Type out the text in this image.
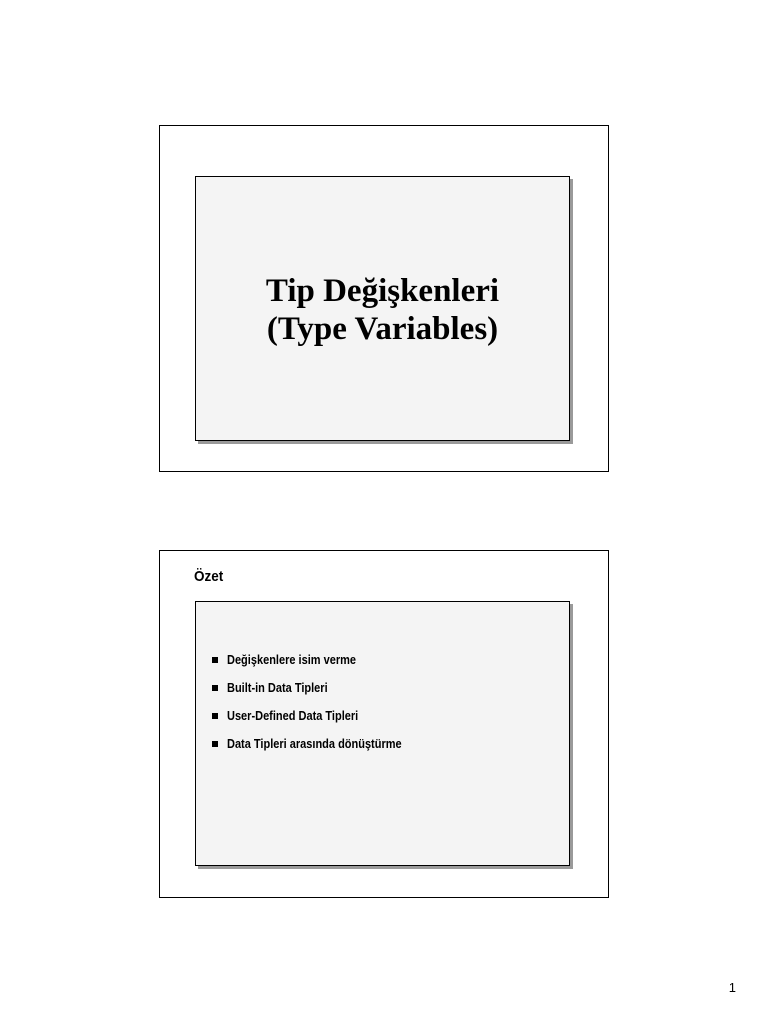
Tip Değişkenleri
(Type Variables)
Özet
Değişkenlere isim verme
Built-in Data Tipleri
User-Defined Data Tipleri
Data Tipleri arasında dönüştürme
1
